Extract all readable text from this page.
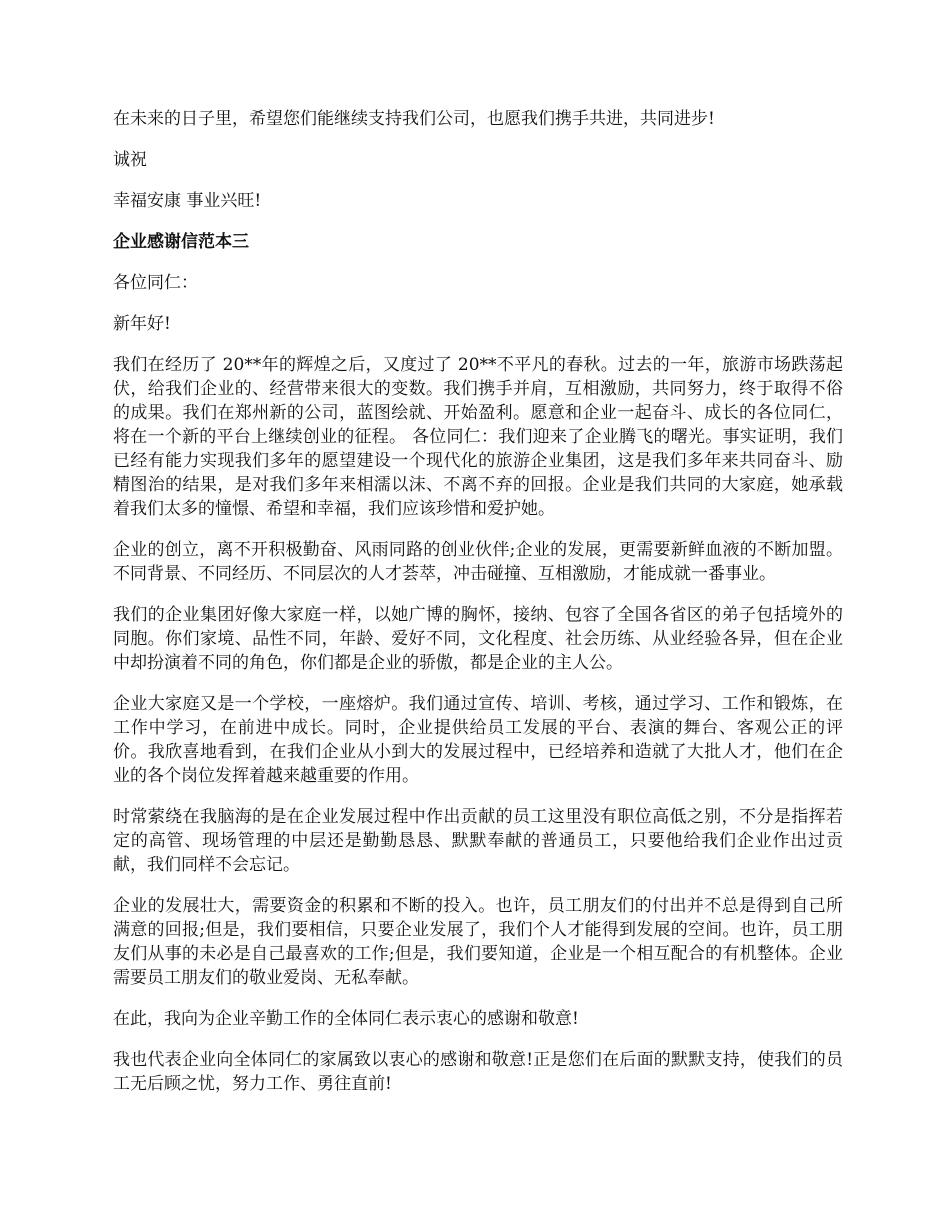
在未来的日子里，希望您们能继续支持我们公司，也愿我们携手共进，共同进步!

诚祝

幸福安康 事业兴旺!

企业感谢信范本三

各位同仁：

新年好!

我们在经历了 20**年的辉煌之后，又度过了 20**不平凡的春秋。过去的一年，旅游市场跌荡起伏，给我们企业的、经营带来很大的变数。我们携手并肩，互相激励，共同努力，终于取得不俗的成果。我们在郑州新的公司，蓝图绘就、开始盈利。愿意和企业一起奋斗、成长的各位同仁，将在一个新的平台上继续创业的征程。 各位同仁：我们迎来了企业腾飞的曙光。事实证明，我们已经有能力实现我们多年的愿望建设一个现代化的旅游企业集团，这是我们多年来共同奋斗、励精图治的结果，是对我们多年来相濡以沫、不离不弃的回报。企业是我们共同的大家庭，她承载着我们太多的憧憬、希望和幸福，我们应该珍惜和爱护她。

企业的创立，离不开积极勤奋、风雨同路的创业伙伴;企业的发展，更需要新鲜血液的不断加盟。不同背景、不同经历、不同层次的人才荟萃，冲击碰撞、互相激励，才能成就一番事业。

我们的企业集团好像大家庭一样，以她广博的胸怀，接纳、包容了全国各省区的弟子包括境外的同胞。你们家境、品性不同，年龄、爱好不同，文化程度、社会历练、从业经验各异，但在企业中却扮演着不同的角色，你们都是企业的骄傲，都是企业的主人公。

企业大家庭又是一个学校，一座熔炉。我们通过宣传、培训、考核，通过学习、工作和锻炼，在工作中学习，在前进中成长。同时，企业提供给员工发展的平台、表演的舞台、客观公正的评价。我欣喜地看到，在我们企业从小到大的发展过程中，已经培养和造就了大批人才，他们在企业的各个岗位发挥着越来越重要的作用。

时常萦绕在我脑海的是在企业发展过程中作出贡献的员工这里没有职位高低之别，不分是指挥若定的高管、现场管理的中层还是勤勤恳恳、默默奉献的普通员工，只要他给我们企业作出过贡献，我们同样不会忘记。

企业的发展壮大，需要资金的积累和不断的投入。也许，员工朋友们的付出并不总是得到自己所满意的回报;但是，我们要相信，只要企业发展了，我们个人才能得到发展的空间。也许，员工朋友们从事的未必是自己最喜欢的工作;但是，我们要知道，企业是一个相互配合的有机整体。企业需要员工朋友们的敬业爱岗、无私奉献。

在此，我向为企业辛勤工作的全体同仁表示衷心的感谢和敬意!

我也代表企业向全体同仁的家属致以衷心的感谢和敬意!正是您们在后面的默默支持，使我们的员工无后顾之忧，努力工作、勇往直前!
